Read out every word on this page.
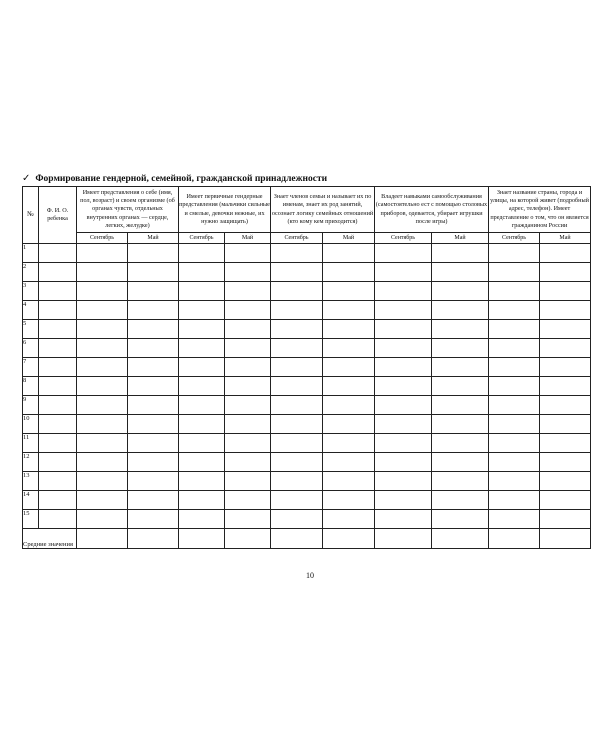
✓ Формирование гендерной, семейной, гражданской принадлежности
№	Ф. И. О. ребенка	Имеет представления о себе (имя, пол, возраст) и своем организме (об органах чувств, отдельных внутренних органах — сердце, легких, желудке)		Имеет первичные гендерные представления (мальчики сильные и смелые, девочки нежные, их нужно защищать)		Знает членов семьи и называет их по именам, знает их род занятий, осознает логику семейных отношений (кто кому кем приходится)		Владеет навыками самообслуживания (самостоятельно ест с помощью столовых приборов, одевается, убирает игрушки после игры)		Знает название страны, города и улицы, на которой живет (подробный адрес, телефон). Имеет представление о том, что он является гражданином России	
		Сентябрь	Май	Сентябрь	Май	Сентябрь	Май	Сентябрь	Май	Сентябрь	Май
1											
2											
3											
4											
5											
6											
7											
8											
9											
10											
11											
12											
13											
14											
15											
Средние значения											
10
